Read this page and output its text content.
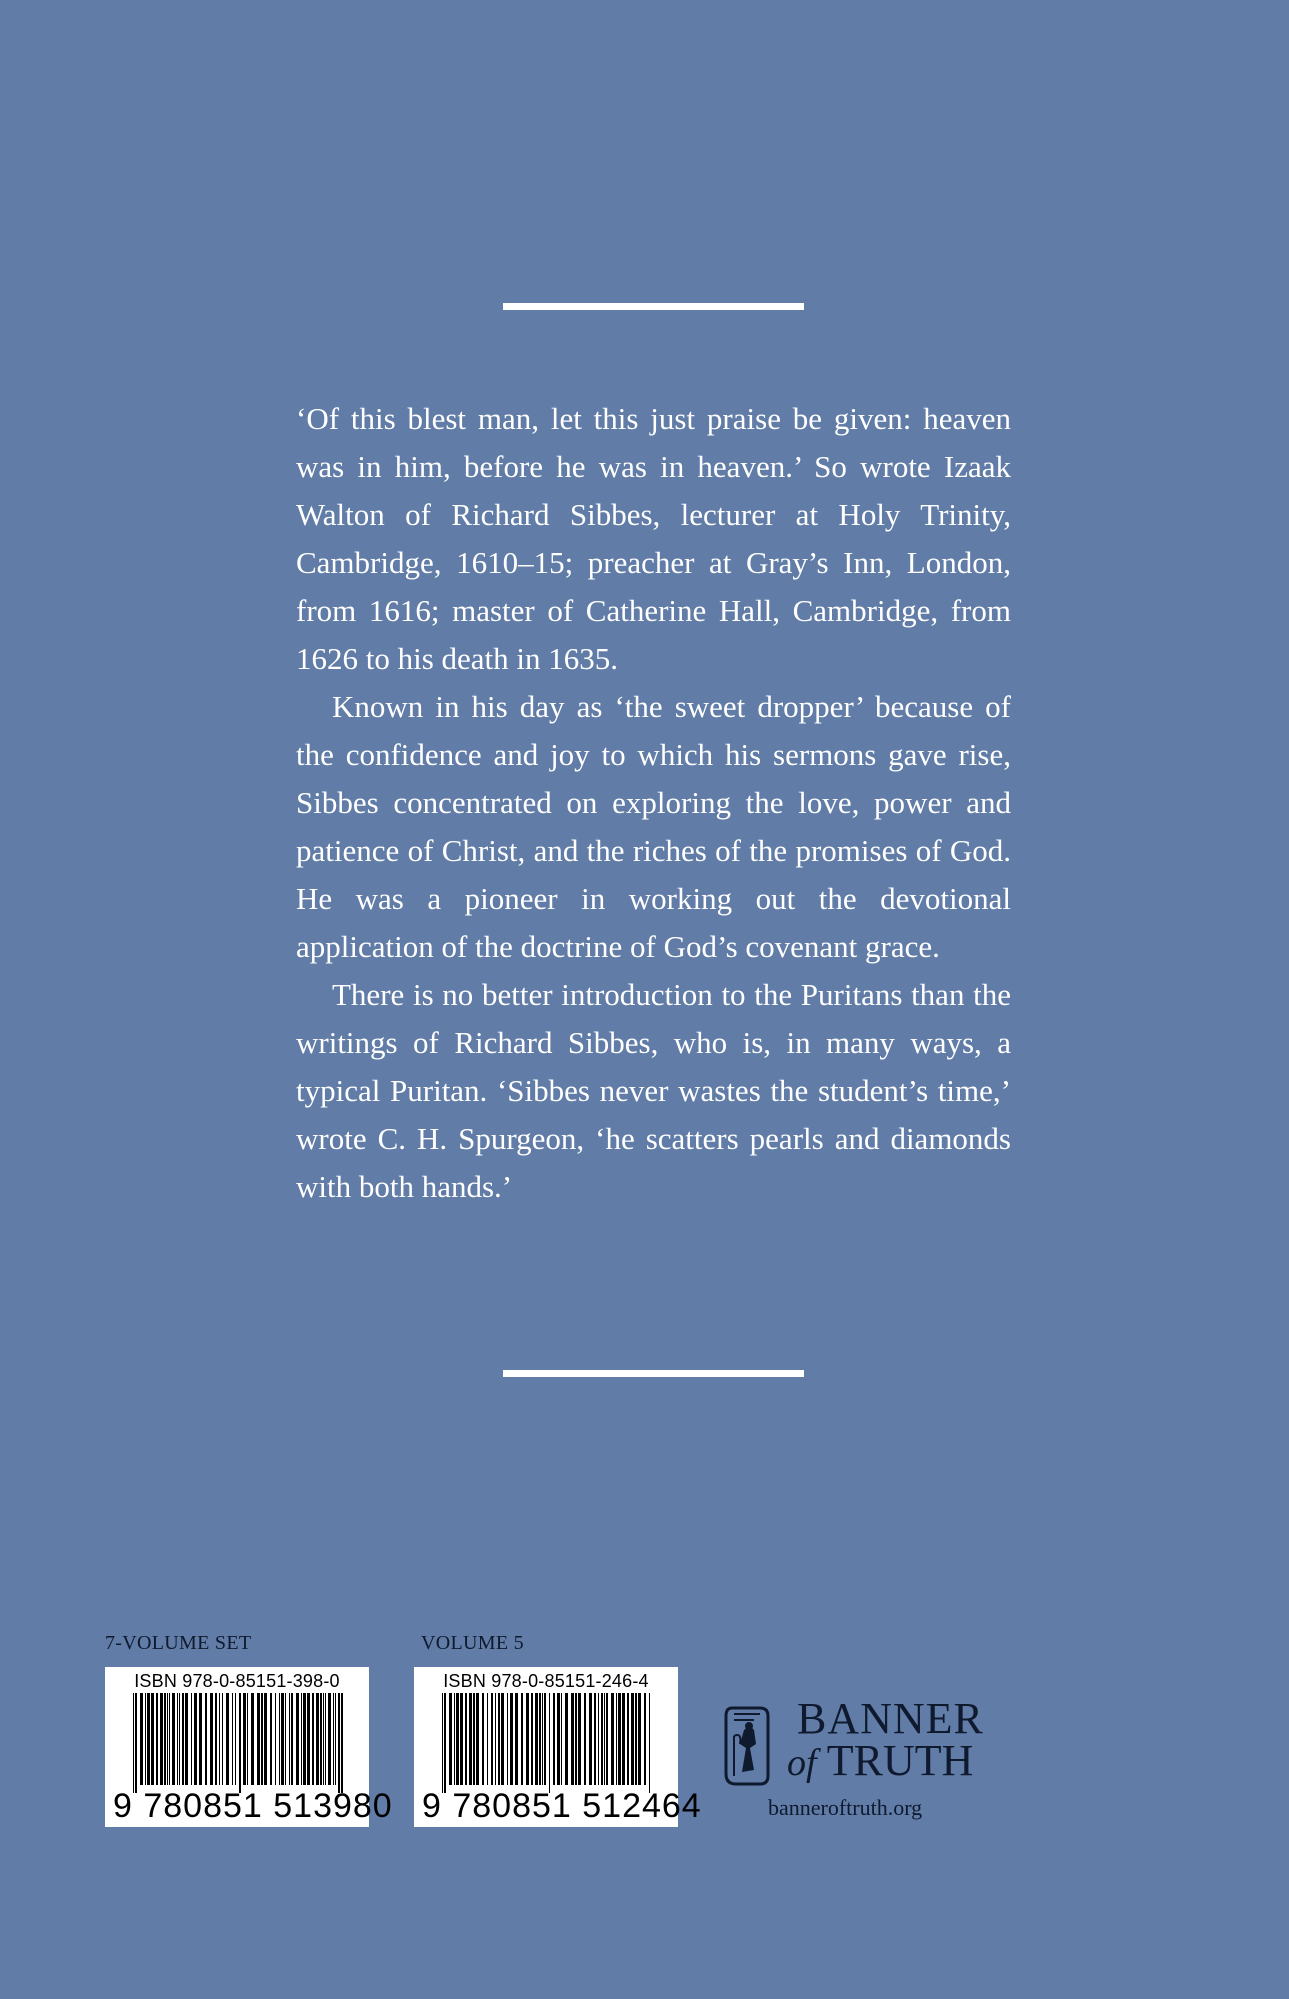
‘Of this blest man, let this just praise be given: heaven was in him, before he was in heaven.’ So wrote Izaak Walton of Richard Sibbes, lecturer at Holy Trinity, Cambridge, 1610–15; preacher at Gray’s Inn, London, from 1616; master of Catherine Hall, Cambridge, from 1626 to his death in 1635.

Known in his day as ‘the sweet dropper’ because of the confidence and joy to which his sermons gave rise, Sibbes concentrated on exploring the love, power and patience of Christ, and the riches of the promises of God. He was a pioneer in working out the devotional application of the doctrine of God’s covenant grace.

There is no better introduction to the Puritans than the writings of Richard Sibbes, who is, in many ways, a typical Puritan. ‘Sibbes never wastes the student’s time,’ wrote C. H. Spurgeon, ‘he scatters pearls and diamonds with both hands.’

7-VOLUME SET	VOLUME 5
ISBN 978-0-85151-398-0
9 780851 513980
ISBN 978-0-85151-246-4
9 780851 512464
BANNER
of TRUTH
banneroftruth.org
